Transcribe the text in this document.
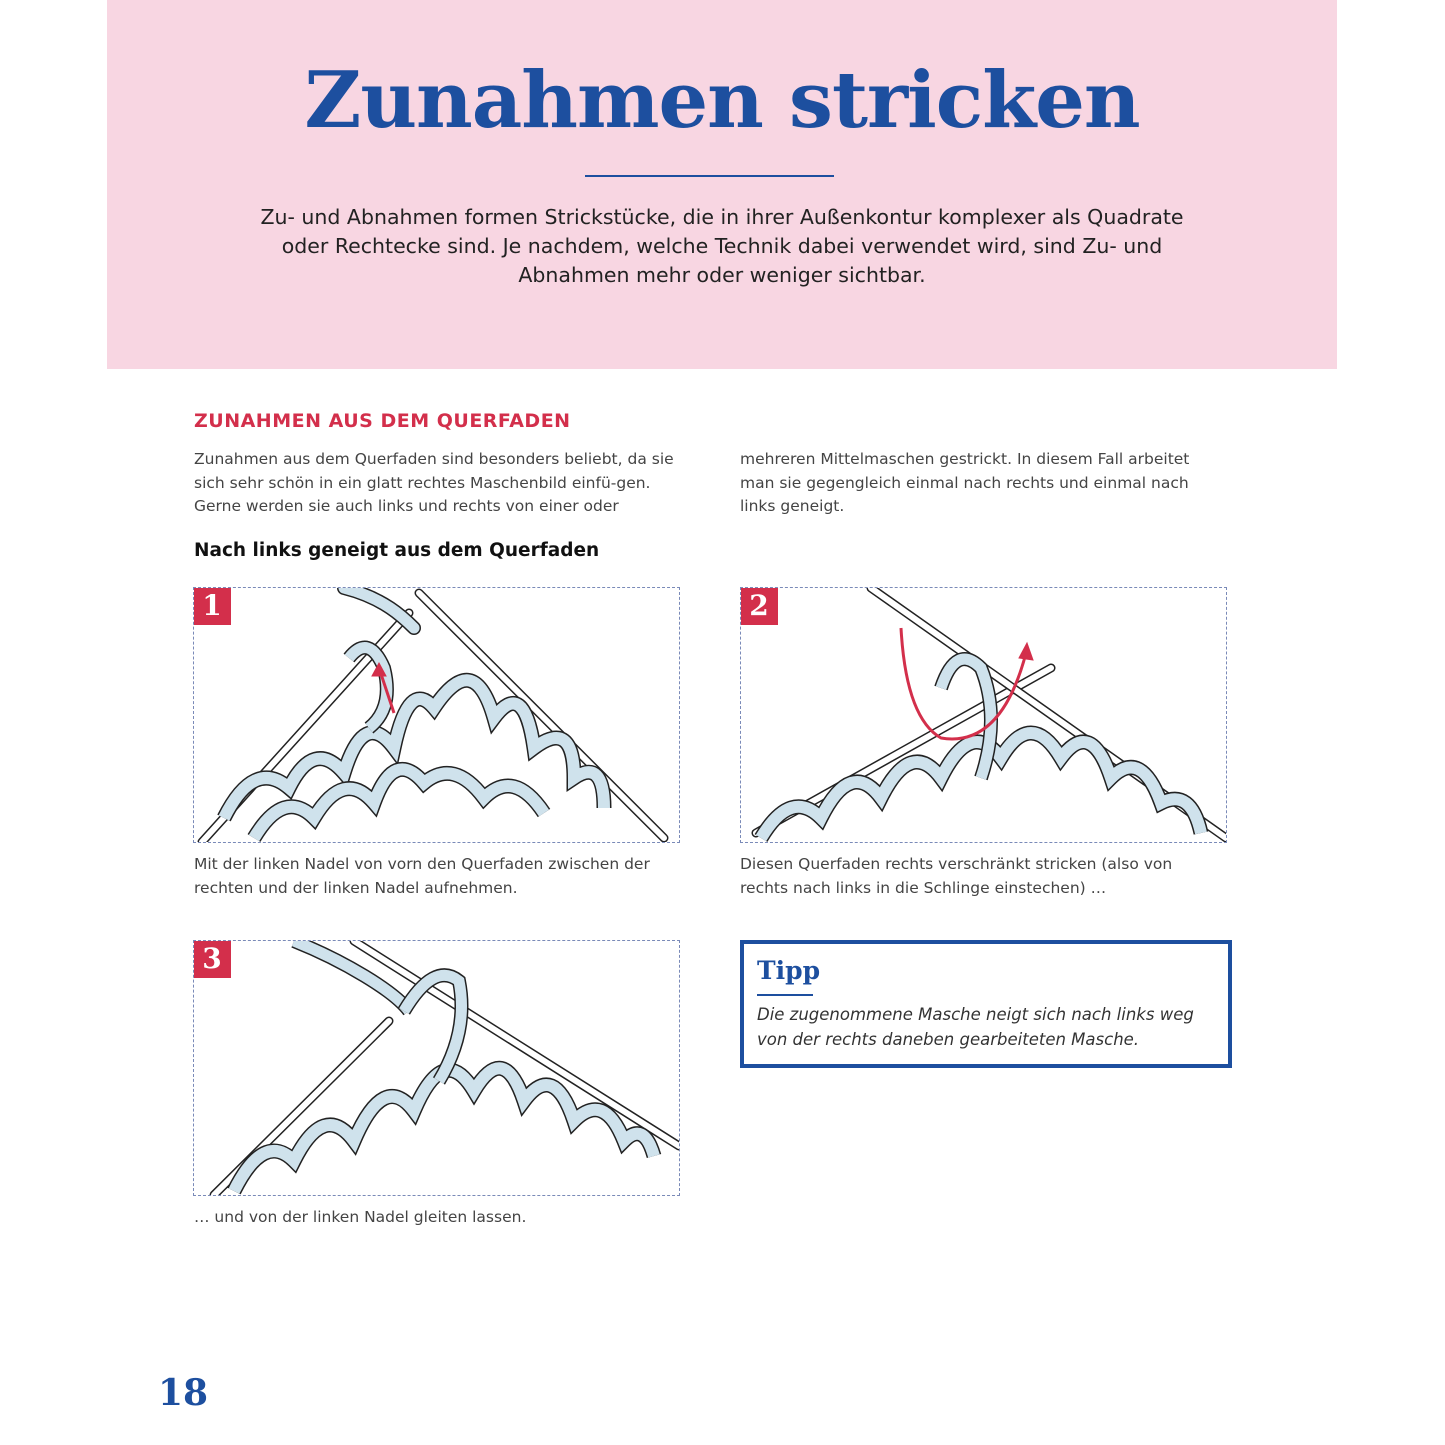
Zunahmen stricken

Zu- und Abnahmen formen Strickstücke, die in ihrer Außenkontur komplexer als Quadrate oder Rechtecke sind. Je nachdem, welche Technik dabei verwendet wird, sind Zu- und Abnahmen mehr oder weniger sichtbar.

ZUNAHMEN AUS DEM QUERFADEN

Zunahmen aus dem Querfaden sind besonders beliebt, da sie sich sehr schön in ein glatt rechtes Maschenbild einfü-gen. Gerne werden sie auch links und rechts von einer oder

mehreren Mittelmaschen gestrickt. In diesem Fall arbeitet man sie gegengleich einmal nach rechts und einmal nach links geneigt.

Nach links geneigt aus dem Querfaden
1

Mit der linken Nadel von vorn den Querfaden zwischen der rechten und der linken Nadel aufnehmen.

2

Diesen Querfaden rechts verschränkt stricken (also von rechts nach links in die Schlinge einstechen) …

3

… und von der linken Nadel gleiten lassen.

Tipp

Die zugenommene Masche neigt sich nach links weg von der rechts daneben gearbeiteten Masche.

18
